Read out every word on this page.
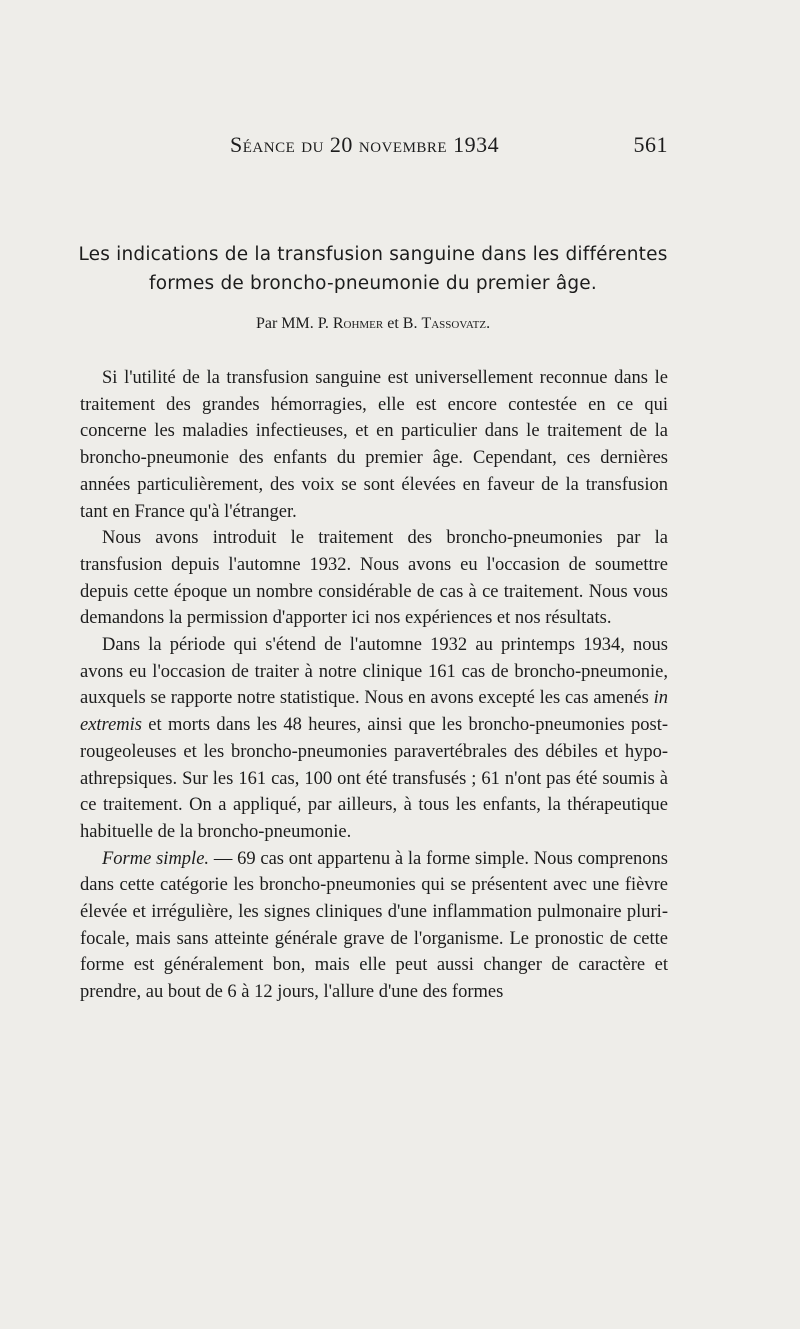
Séance du 20 novembre 1934	561
Les indications de la transfusion sanguine dans les différentes formes de broncho-pneumonie du premier âge.
Par MM. P. Rohmer et B. Tassovatz.

Si l'utilité de la transfusion sanguine est universellement reconnue dans le traitement des grandes hémorragies, elle est encore contestée en ce qui concerne les maladies infectieuses, et en particulier dans le traitement de la broncho-pneumonie des enfants du premier âge. Cependant, ces dernières années particulièrement, des voix se sont élevées en faveur de la transfusion tant en France qu'à l'étranger.

Nous avons introduit le traitement des broncho-pneumonies par la transfusion depuis l'automne 1932. Nous avons eu l'occasion de soumettre depuis cette époque un nombre considérable de cas à ce traitement. Nous vous demandons la permission d'apporter ici nos expériences et nos résultats.

Dans la période qui s'étend de l'automne 1932 au printemps 1934, nous avons eu l'occasion de traiter à notre clinique 161 cas de broncho-pneumonie, auxquels se rapporte notre statistique. Nous en avons excepté les cas amenés in extremis et morts dans les 48 heures, ainsi que les broncho-pneumonies post-rougeoleuses et les broncho-pneumonies paravertébrales des débiles et hypo-athrepsiques. Sur les 161 cas, 100 ont été transfusés ; 61 n'ont pas été soumis à ce traitement. On a appliqué, par ailleurs, à tous les enfants, la thérapeutique habituelle de la broncho-pneumonie.

Forme simple. — 69 cas ont appartenu à la forme simple. Nous comprenons dans cette catégorie les broncho-pneumonies qui se présentent avec une fièvre élevée et irrégulière, les signes cliniques d'une inflammation pulmonaire pluri-focale, mais sans atteinte générale grave de l'organisme. Le pronostic de cette forme est généralement bon, mais elle peut aussi changer de caractère et prendre, au bout de 6 à 12 jours, l'allure d'une des formes
